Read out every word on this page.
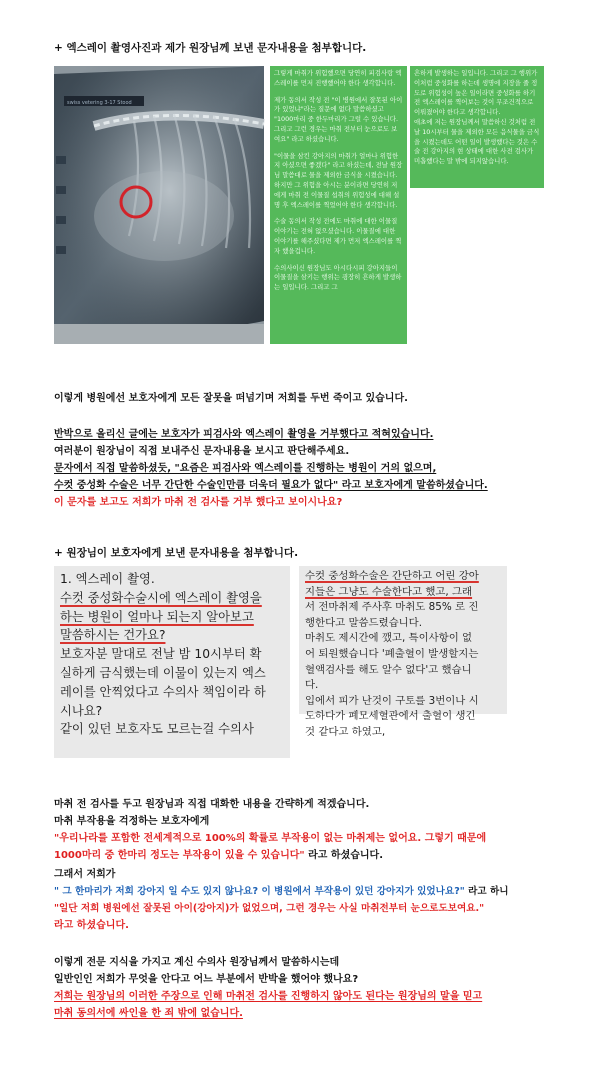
+ 엑스레이 촬영사진과 제가 원장님께 보낸 문자내용을 첨부합니다.
swiss vetering 3-17 Stood

그렇게 마취가 위험했으면 당연히 피검사랑 엑스레이를 먼저 진행했어야 한다 생각합니다.

제가 동의서 작성 전 "이 병원에서 잘못된 아이가 있었냐"라는 질문에 없다 말씀하셨고 "1000마리 중 한두마리가 그럴 수 있습니다. 그리고 그런 경우는 마취 전부터 눈으로도 보여요" 라고 하셨습니다.

"이물을 삼킨 강아지의 마취가 얼마나 위험한지 아셨으면 좋겠다" 라고 하셨는데, 전날 원장님 말씀대로 물을 제외한 금식을 시켰습니다. 하지만 그 위험을 아시는 분이라면 당연히 저에게 마취 전 이물질 섭취의 위험성에 대해 설명 후 엑스레이를 찍었어야 한다 생각합니다.

수술 동의서 작성 전에도 마취에 대한 이물질 이야기는 전혀 없으셨습니다. 이물질에 대한 이야기를 해주셨다면 제가 먼저 엑스레이를 찍자 했을겁니다.

수의사이신 원장님도 아시다시피 강아지들이 이물질을 삼키는 행위는 굉장히 흔하게 발생하는 일입니다. 그리고 그

흔하게 발생하는 일입니다. 그리고 그 행위가 이처럼 중성화를 하는데 생명에 지장을 줄 정도로 위험성이 높은 일이라면 중성화를 하기 전 엑스레이를 찍어보는 것이 무조건적으로 이뤄졌어야 한다고 생각합니다.

애초에 저는 원장님께서 말씀하신 것처럼 전날 10시부터 물을 제외한 모든 음식물을 금식을 시켰는데도 어떤 일이 발생했다는 것은 수술 전 강아지의 현 상태에 대한 사전 검사가 미흡했다는 말 밖에 되지않습니다.

이렇게 병원에선 보호자에게 모든 잘못을 떠넘기며 저희를 두번 죽이고 있습니다.
반박으로 올리신 글에는 보호자가 피검사와 엑스레이 촬영을 거부했다고 적혀있습니다.
여러분이 원장님이 직접 보내주신 문자내용을 보시고 판단해주세요.
문자에서 직접 말씀하셨듯, "요즘은 피검사와 엑스레이를 진행하는 병원이 거의 없으며,
수컷 중성화 수술은 너무 간단한 수술인만큼 더욱더 필요가 없다" 라고 보호자에게 말씀하셨습니다.
이 문자를 보고도 저희가 마취 전 검사를 거부 했다고 보이시나요?
+ 원장님이 보호자에게 보낸 문자내용을 첨부합니다.
1. 엑스레이 촬영.
수컷 중성화수술시에 엑스레이 촬영을
하는 병원이 얼마나 되는지 알아보고
말씀하시는 건가요?
보호자분 말대로 전날 밤 10시부터 확
실하게 금식했는데 이물이 있는지 엑스
레이를 안찍었다고 수의사 책임이라 하
시나요?
같이 있던 보호자도 모르는걸 수의사
수컷 중성화수술은 간단하고 어린 강아
지들은 그냥도 수술한다고 했고, 그래
서 전마취제 주사후 마취도 85% 로 진
행한다고 말씀드렸습니다.
마취도 제시간에 깼고, 특이사항이 없
어 퇴원했습니다 '폐출혈이 발생할지는
혈액검사를 해도 알수 없다'고 했습니
다.
입에서 피가 난것이 구토를 3번이나 시
도하다가 폐모세혈관에서 출혈이 생긴
것 같다고 하였고,
마취 전 검사를 두고 원장님과 직접 대화한 내용을 간략하게 적겠습니다.
마취 부작용을 걱정하는 보호자에게
"우리나라를 포함한 전세계적으로 100%의 확률로 부작용이 없는 마취제는 없어요. 그렇기 때문에
1000마리 중 한마리 정도는 부작용이 있을 수 있습니다" 라고 하셨습니다.
그래서 저희가
" 그 한마리가 저희 강아지 일 수도 있지 않나요? 이 병원에서 부작용이 있던 강아지가 있었나요?" 라고 하니
"일단 저희 병원에선 잘못된 아이(강아지)가 없었으며, 그런 경우는 사실 마취전부터 눈으로도보여요."
라고 하셨습니다.
이렇게 전문 지식을 가지고 계신 수의사 원장님께서 말씀하시는데
일반인인 저희가 무엇을 안다고 어느 부분에서 반박을 했어야 했나요?
저희는 원장님의 이러한 주장으로 인해 마취전 검사를 진행하지 않아도 된다는 원장님의 말을 믿고
마취 동의서에 싸인을 한 죄 밖에 없습니다.
